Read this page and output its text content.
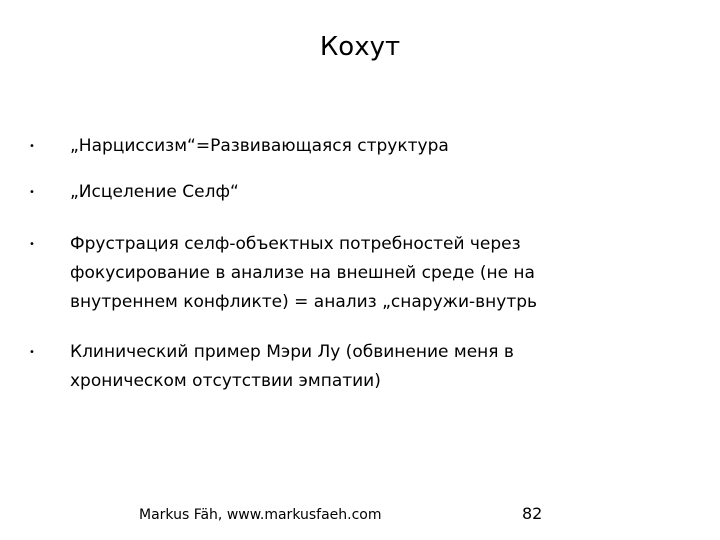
Кохут
• „Нарциссизм“=Развивающаяся структура
• „Исцеление Селф“
• Фрустрация селф-объектных потребностей через
фокусирование в анализе на внешней среде (не на
внутреннем конфликте) = анализ „снаружи-внутрь
• Клинический пример Мэри Лу (обвинение меня в
хроническом отсутствии эмпатии)
Markus Fäh, www.markusfaeh.com	82
